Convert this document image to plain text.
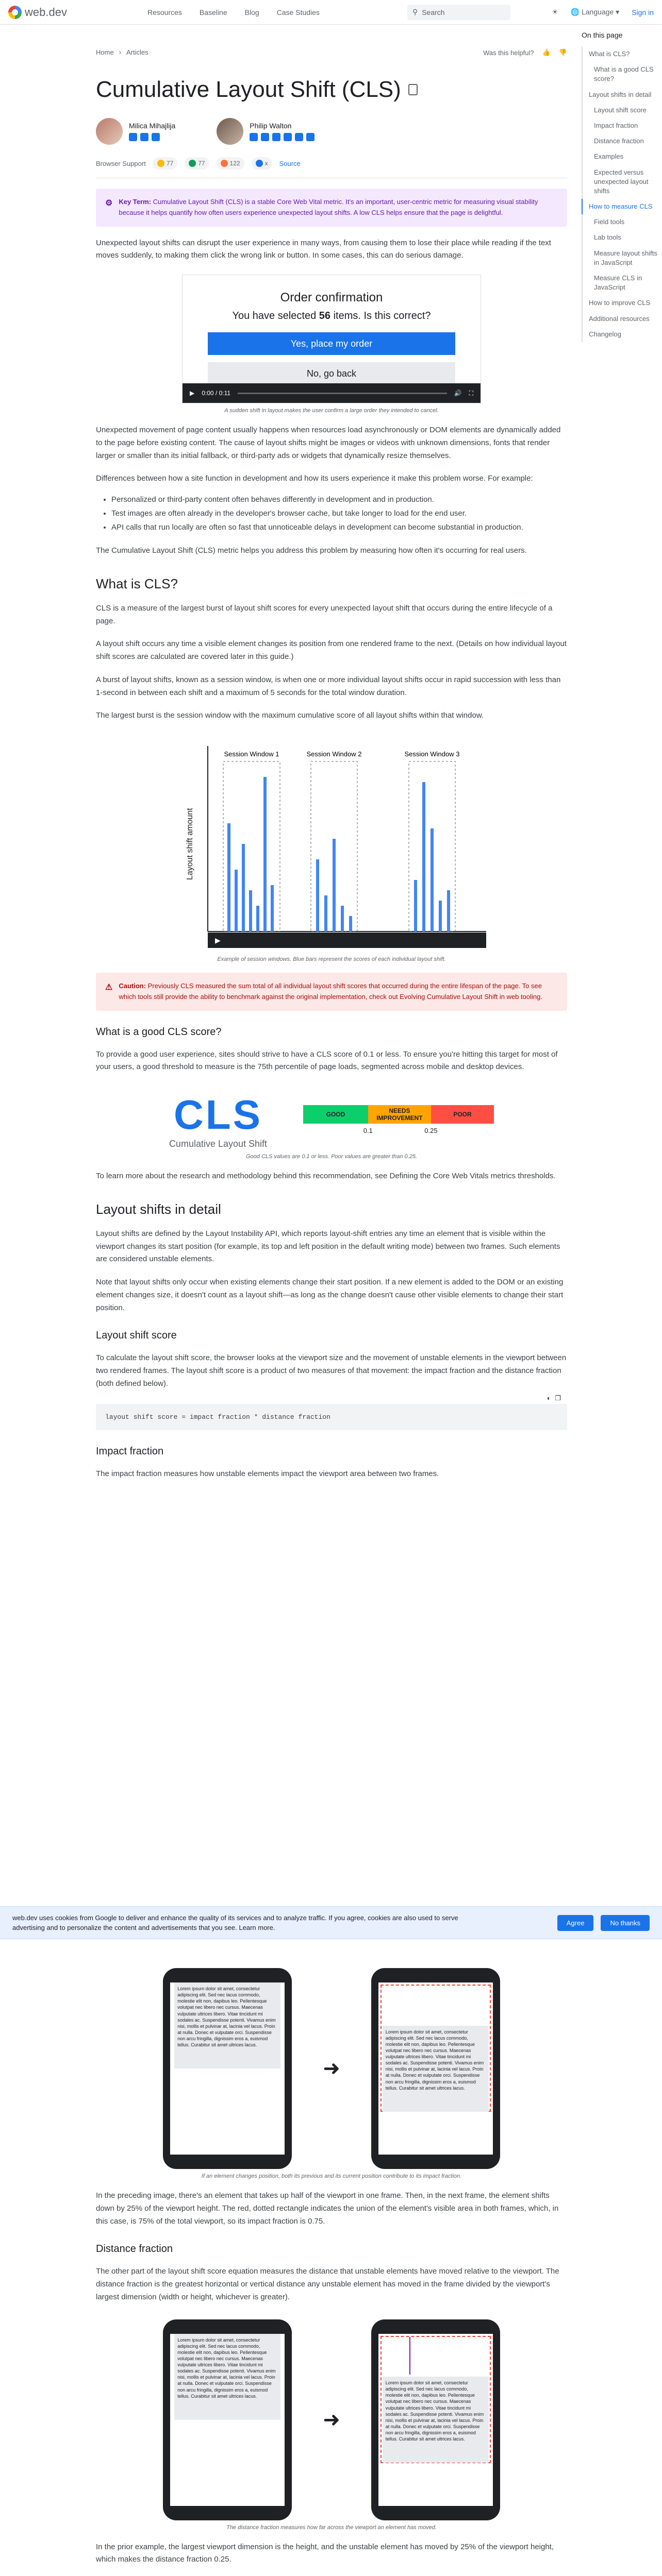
web.dev	Resources Baseline Blog Case Studies	⚲ Search	☀ 🌐 Language ▾ Sign in
On this page
What is CLS?
What is a good CLS score?
Layout shifts in detail
Layout shift score
Impact fraction
Distance fraction
Examples
Expected versus unexpected layout shifts
How to measure CLS
Field tools
Lab tools
Measure layout shifts in JavaScript
Measure CLS in JavaScript
How to improve CLS
Additional resources
Changelog
Home › Articles	Was this helpful? 👍 👎
Cumulative Layout Shift (CLS)
Milica Mihajlija	Philip Walton
Browser Support	77	77	122	x Source
⚙ Key Term: Cumulative Layout Shift (CLS) is a stable Core Web Vital metric. It's an important, user-centric metric for measuring visual stability because it helps quantify how often users experience unexpected layout shifts. A low CLS helps ensure that the page is delightful.

Unexpected layout shifts can disrupt the user experience in many ways, from causing them to lose their place while reading if the text moves suddenly, to making them click the wrong link or button. In some cases, this can do serious damage.

Order confirmation
You have selected 56 items. Is this correct?
Yes, place my order
No, go back
▶ 0:00 / 0:11	🔊 ⛶
A sudden shift in layout makes the user confirm a large order they intended to cancel.

Unexpected movement of page content usually happens when resources load asynchronously or DOM elements are dynamically added to the page before existing content. The cause of layout shifts might be images or videos with unknown dimensions, fonts that render larger or smaller than its initial fallback, or third-party ads or widgets that dynamically resize themselves.

Differences between how a site function in development and how its users experience it make this problem worse. For example:

• Personalized or third-party content often behaves differently in development and in production.
• Test images are often already in the developer's browser cache, but take longer to load for the end user.
• API calls that run locally are often so fast that unnoticeable delays in development can become substantial in production.

The Cumulative Layout Shift (CLS) metric helps you address this problem by measuring how often it's occurring for real users.

What is CLS?

CLS is a measure of the largest burst of layout shift scores for every unexpected layout shift that occurs during the entire lifecycle of a page.

A layout shift occurs any time a visible element changes its position from one rendered frame to the next. (Details on how individual layout shift scores are calculated are covered later in this guide.)

A burst of layout shifts, known as a session window, is when one or more individual layout shifts occur in rapid succession with less than 1-second in between each shift and a maximum of 5 seconds for the total window duration.

The largest burst is the session window with the maximum cumulative score of all layout shifts within that window.

Layout shift amount
Session Window 1	Session Window 2	Session Window 3
▶
Example of session windows. Blue bars represent the scores of each individual layout shift.
⚠ Caution: Previously CLS measured the sum total of all individual layout shift scores that occurred during the entire lifespan of the page. To see which tools still provide the ability to benchmark against the original implementation, check out Evolving Cumulative Layout Shift in web tooling.
What is a good CLS score?

To provide a good user experience, sites should strive to have a CLS score of 0.1 or less. To ensure you're hitting this target for most of your users, a good threshold to measure is the 75th percentile of page loads, segmented across mobile and desktop devices.

CLS
Cumulative Layout Shift
GOOD	NEEDS IMPROVEMENT	POOR
0.1	0.25
Good CLS values are 0.1 or less. Poor values are greater than 0.25.

To learn more about the research and methodology behind this recommendation, see Defining the Core Web Vitals metrics thresholds.

Layout shifts in detail

Layout shifts are defined by the Layout Instability API, which reports layout-shift entries any time an element that is visible within the viewport changes its start position (for example, its top and left position in the default writing mode) between two frames. Such elements are considered unstable elements.

Note that layout shifts only occur when existing elements change their start position. If a new element is added to the DOM or an existing element changes size, it doesn't count as a layout shift—as long as the change doesn't cause other visible elements to change their start position.

Layout shift score

To calculate the layout shift score, the browser looks at the viewport size and the movement of unstable elements in the viewport between two rendered frames. The layout shift score is a product of two measures of that movement: the impact fraction and the distance fraction (both defined below).

layout shift score = impact fraction * distance fraction
◐ ❐
Impact fraction

The impact fraction measures how unstable elements impact the viewport area between two frames.

web.dev uses cookies from Google to deliver and enhance the quality of its services and to analyze traffic. If you agree, cookies are also used to serve advertising and to personalize the content and advertisements that you see. Learn more.
Agree	No thanks
Lorem ipsum dolor sit amet, consectetur adipiscing elit. Sed nec lacus commodo, molestie elit non, dapibus leo. Pellentesque volutpat nec libero nec cursus. Maecenas vulputate ultrices libero. Vitae tincidunt mi sodales ac. Suspendisse potenti. Vivamus enim nisi, mollis et pulvinar at, lacinia vel lacus. Proin at nulla. Donec et vulputate orci. Suspendisse non arcu fringilla, dignissim eros a, euismod tellus. Curabitur sit amet ultrices lacus.
➜
Lorem ipsum dolor sit amet, consectetur adipiscing elit. Sed nec lacus commodo, molestie elit non, dapibus leo. Pellentesque volutpat nec libero nec cursus. Maecenas vulputate ultrices libero. Vitae tincidunt mi sodales ac. Suspendisse potenti. Vivamus enim nisi, mollis et pulvinar at, lacinia vel lacus. Proin at nulla. Donec et vulputate orci. Suspendisse non arcu fringilla, dignissim eros a, euismod tellus. Curabitur sit amet ultrices lacus.
If an element changes position, both its previous and its current position contribute to its impact fraction.

In the preceding image, there's an element that takes up half of the viewport in one frame. Then, in the next frame, the element shifts down by 25% of the viewport height. The red, dotted rectangle indicates the union of the element's visible area in both frames, which, in this case, is 75% of the total viewport, so its impact fraction is 0.75.

Distance fraction

The other part of the layout shift score equation measures the distance that unstable elements have moved relative to the viewport. The distance fraction is the greatest horizontal or vertical distance any unstable element has moved in the frame divided by the viewport's largest dimension (width or height, whichever is greater).

Lorem ipsum dolor sit amet, consectetur adipiscing elit. Sed nec lacus commodo, molestie elit non, dapibus leo. Pellentesque volutpat nec libero nec cursus. Maecenas vulputate ultrices libero. Vitae tincidunt mi sodales ac. Suspendisse potenti. Vivamus enim nisi, mollis et pulvinar at, lacinia vel lacus. Proin at nulla. Donec et vulputate orci. Suspendisse non arcu fringilla, dignissim eros a, euismod tellus. Curabitur sit amet ultrices lacus.
➜
Lorem ipsum dolor sit amet, consectetur adipiscing elit. Sed nec lacus commodo, molestie elit non, dapibus leo. Pellentesque volutpat nec libero nec cursus. Maecenas vulputate ultrices libero. Vitae tincidunt mi sodales ac. Suspendisse potenti. Vivamus enim nisi, mollis et pulvinar at, lacinia vel lacus. Proin at nulla. Donec et vulputate orci. Suspendisse non arcu fringilla, dignissim eros a, euismod tellus. Curabitur sit amet ultrices lacus.
The distance fraction measures how far across the viewport an element has moved.

In the prior example, the largest viewport dimension is the height, and the unstable element has moved by 25% of the viewport height, which makes the distance fraction 0.25.
